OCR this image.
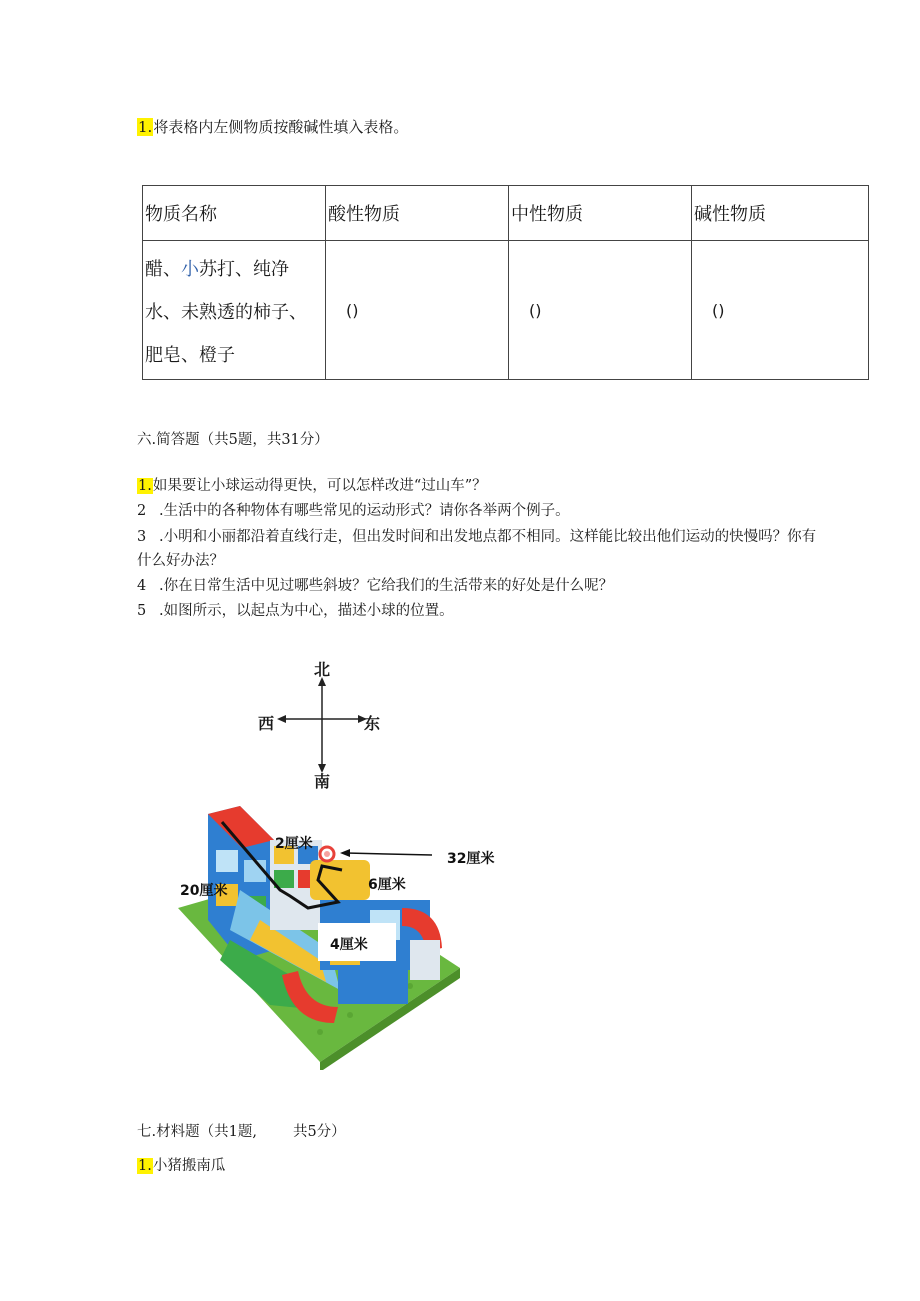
1.将表格内左侧物质按酸碱性填入表格。
物质名称	酸性物质	中性物质	碱性物质

醋、小苏打、纯净
水、未熟透的柿子、
肥皂、橙子	()	()	()
六.简答题（共5题，共31分）
1.如果要让小球运动得更快，可以怎样改进“过山车”？
2 .生活中的各种物体有哪些常见的运动形式？请你各举两个例子。
3 .小明和小丽都沿着直线行走，但出发时间和出发地点都不相同。这样能比较出他们运动的快慢吗？你有
什么好办法？
4 .你在日常生活中见过哪些斜坡？它给我们的生活带来的好处是什么呢？
5 .如图所示，以起点为中心，描述小球的位置。
北
南
西	东
2厘米
32厘米
20厘米	6厘米
4厘米
七.材料题（共1题, 共5分）
1.小猪搬南瓜
